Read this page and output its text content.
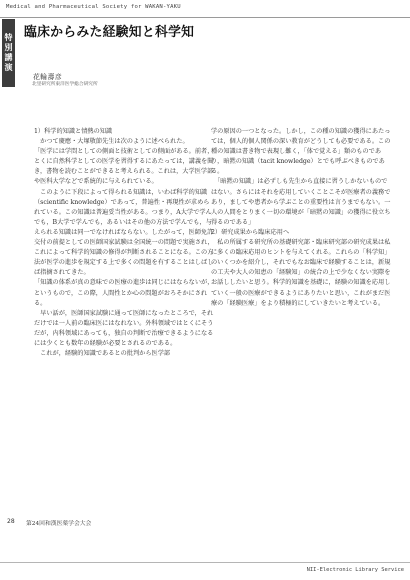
Medical and Pharmaceutical Society for WAKAN-YAKU
特別講演
臨床からみた経験知と科学知
花輪壽彦
北里研究所東洋医学総合研究所

1）科学的知識と情熱の知識

　かつて慶應・大塚敬節先生は次のように述べられた。

「医学には学問としての側面と技術としての側面がある。前者，とくに自然科学としての医学を習得するにあたっては，講義を聞き，書物を読むことができると考えられる。これは，大学医学部や医科大学などで系統的に与えられている。

　このように下段によって得られる知識は，いわば科学的知識（scientific knowledge）であって，普遍性・再現性が求められている。この知識は普遍妥当性がある。つまり，A大学で学んでも，B大学で学んでも，あるいはその他の方法で学んでも，与えられる知識は同一でなければならない。したがって，医師免許交付の前提としての医師国家試験は全国統一の問題で実施され，これによって科学的知識の修得が判断されることになる。この方法が医学の進歩を規定する上で多くの問題を有することはしばしば指摘されてきた。

「知識の体系が真の意味での医療の進歩は同じにはならないが，というもので，この際，人間性とか心の問題がおろそかにされる。

　早い話が，医師国家試験に通って医師になったところで，それだけでは一人前の臨床医にはなれない。外科領域ではとくにそうだが，内科領域にあっても，独自の判断で治療できるようになるには少くとも数年の経験が必要とされるのである。

　これが，経験的知識であるとの批判から医学部

学の原因の一つとなった。しかし，この種の知識の獲得にあたっては，個人的個人関係の深い教育がどうしても必要である。この種の知識は書き物で表現し難く，「体で覚える」類のものであり，暗黙の知識（tacit knowledge）とでも呼ぶべきものである。

　「暗黙の知識」は必ずしも先生から直接に習うしかないものではない。さらにはそれを応用していくことこそが医療者の義務であり，ましてや患者から学ぶことの重要性は言うまでもない。一人の人間をとりまく一切の環境が「暗黙の知識」の獲得に役立ち得るのである」

2）研究成果から臨床応用へ

　私の所属する研究所の基礎研究部・臨床研究部の研究成果は私に多くの臨床応用のヒントを与えてくれる。これらの「科学知」のいくつかを紹介し，それでもなお臨床で経験することは，新規の工夫や大人の知恵の「経験知」の統合の上で少なくない実際をお話ししたいと思う。科学的知識を基礎に，経験の知識を応用していく一般の医療ができるようにありたいと思い，これがまだ医療の「経験医療」をより積極的にしていきたいと考えている。

28 第24回和漢医薬学会大会
NII-Electronic Library Service
